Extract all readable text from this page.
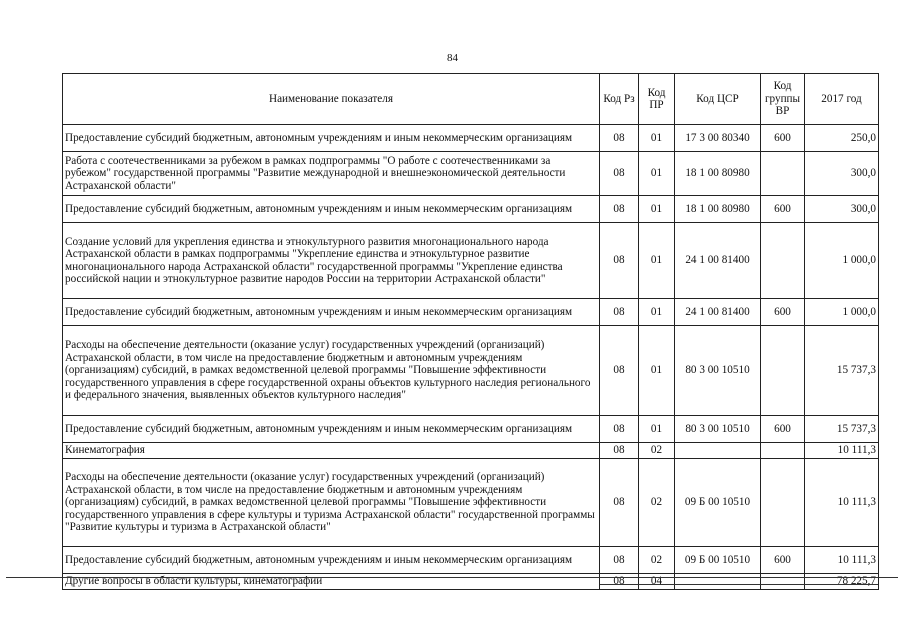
84
Наименование показателя	Код Рз	Код ПР	Код ЦСР	Код группы ВР	2017 год
Предоставление субсидий бюджетным, автономным учреждениям и иным некоммерческим организациям	08	01	17 3 00 80340	600	250,0
Работа с соотечественниками за рубежом в рамках подпрограммы "О работе с соотечественниками за рубежом" государственной программы "Развитие международной и внешнеэкономической деятельности Астраханской области"	08	01	18 1 00 80980		300,0
Предоставление субсидий бюджетным, автономным учреждениям и иным некоммерческим организациям	08	01	18 1 00 80980	600	300,0
Создание условий для укрепления единства и этнокультурного развития многонационального народа Астраханской области в рамках подпрограммы "Укрепление единства и этнокультурное развитие многонационального народа Астраханской области" государственной программы "Укрепление единства российской нации и этнокультурное развитие народов России на территории Астраханской области"	08	01	24 1 00 81400		1 000,0
Предоставление субсидий бюджетным, автономным учреждениям и иным некоммерческим организациям	08	01	24 1 00 81400	600	1 000,0
Расходы на обеспечение деятельности (оказание услуг) государственных учреждений (организаций) Астраханской области, в том числе на предоставление бюджетным и автономным учреждениям (организациям) субсидий, в рамках ведомственной целевой программы "Повышение эффективности государственного управления в сфере государственной охраны объектов культурного наследия регионального и федерального значения, выявленных объектов культурного наследия"	08	01	80 3 00 10510		15 737,3
Предоставление субсидий бюджетным, автономным учреждениям и иным некоммерческим организациям	08	01	80 3 00 10510	600	15 737,3
Кинематография	08	02			10 111,3
Расходы на обеспечение деятельности (оказание услуг) государственных учреждений (организаций) Астраханской области, в том числе на предоставление бюджетным и автономным учреждениям (организациям) субсидий, в рамках ведомственной целевой программы "Повышение эффективности государственного управления в сфере культуры и туризма Астраханской области" государственной программы "Развитие культуры и туризма в Астраханской области"	08	02	09 Б 00 10510		10 111,3
Предоставление субсидий бюджетным, автономным учреждениям и иным некоммерческим организациям	08	02	09 Б 00 10510	600	10 111,3
Другие вопросы в области культуры, кинематографии	08	04			78 225,7
